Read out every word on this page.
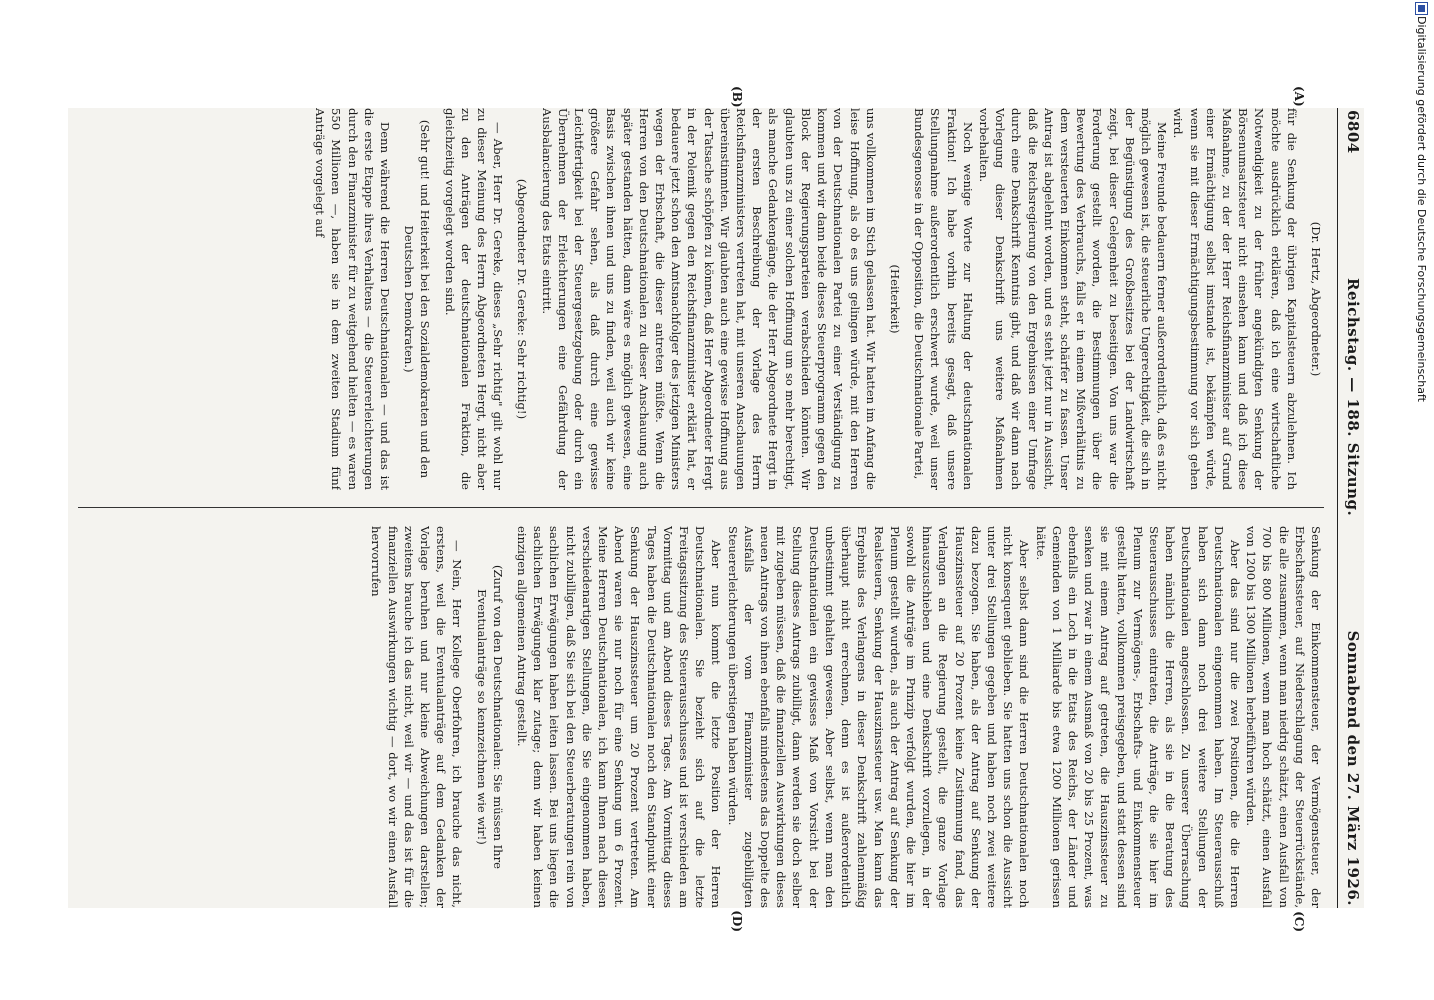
6804
Reichstag. — 188. Sitzung.
Sonnabend den 27. März 1926.
(A)
(B)
(C)
(D)

(Dr. Hertz, Abgeordneter.)

für die Senkung der übrigen Kapitalsteuern abzulehnen. Ich möchte ausdrücklich erklären, daß ich eine wirtschaftliche Notwendigkeit zu der früher angekündigten Senkung der Börsenumsatzsteuer nicht einsehen kann und daß ich diese Maßnahme, zu der der Herr Reichsfinanzminister auf Grund einer Ermächtigung selbst imstande ist, bekämpfen würde, wenn sie mit dieser Ermächtigungsbestimmung vor sich gehen wird.

Meine Freunde bedauern ferner außerordentlich, daß es nicht möglich gewesen ist, die steuerliche Ungerechtigkeit, die sich in der Begünstigung des Großbesitzes bei der Landwirtschaft zeigt, bei dieser Gelegenheit zu beseitigen. Von uns war die Forderung gestellt worden, die Bestimmungen über die Bewertung des Verbrauchs, falls er in einem Mißverhältnis zu dem versteuerten Einkommen steht, schärfer zu fassen. Unser Antrag ist abgelehnt worden, und es steht jetzt nur in Aussicht, daß die Reichsregierung von den Ergebnissen einer Umfrage durch eine Denkschrift Kenntnis gibt, und daß wir dann nach Vorlegung dieser Denkschrift uns weitere Maßnahmen vorbehalten.

Noch wenige Worte zur Haltung der deutschnationalen Fraktion! Ich habe vorhin bereits gesagt, daß unsere Stellungnahme außerordentlich erschwert wurde, weil unser Bundesgenosse in der Opposition, die Deutschnationale Partei,

(Heiterkeit)

uns vollkommen im Stich gelassen hat. Wir hatten im Anfang die leise Hoffnung, als ob es uns gelingen würde, mit den Herren von der Deutschnationalen Partei zu einer Verständigung zu kommen und wir dann beide dieses Steuerprogramm gegen den Block der Regierungsparteien verabschieden könnten. Wir glaubten uns zu einer solchen Hoffnung um so mehr berechtigt, als manche Gedankengänge, die der Herr Abgeordnete Hergt in der ersten Beschreibung der Vorlage des Herrn Reichsfinanzministers vertreten hat, mit unseren Anschauungen übereinstimmten. Wir glaubten auch eine gewisse Hoffnung aus der Tatsache schöpfen zu können, daß Herr Abgeordneter Hergt in der Polemik gegen den Reichsfinanzminister erklärt hat, er bedauere jetzt schon den Amtsnachfolger des jetzigen Ministers wegen der Erbschaft, die dieser antreten müßte. Wenn die Herren von den Deutschnationalen zu dieser Anschauung auch später gestanden hätten, dann wäre es möglich gewesen, eine Basis zwischen ihnen und uns zu finden, weil auch wir keine größere Gefahr sehen, als daß durch eine gewisse Leichtfertigkeit bei der Steuergesetzgebung oder durch ein Übernehmen der Erleichterungen eine Gefährdung der Ausbalancierung des Etats eintritt.

(Abgeordneter Dr. Gereke: Sehr richtig!)

— Aber, Herr Dr. Gereke, dieses „Sehr richtig" gilt wohl nur zu dieser Meinung des Herrn Abgeordneten Hergt, nicht aber zu den Anträgen der deutschnationalen Fraktion, die gleichzeitig vorgelegt worden sind.

(Sehr gut! und Heiterkeit bei den Sozialdemokraten und den Deutschen Demokraten.)

Denn während die Herren Deutschnationalen — und das ist die erste Etappe ihres Verhaltens — die Steuererleichterungen durch den Finanzminister für zu weitgehend hielten — es waren 550 Millionen —, haben sie in dem zweiten Stadium fünf Anträge vorgelegt auf

Senkung der Einkommensteuer, der Vermögensteuer, der Erbschaftssteuer, auf Niederschlagung der Steuerrückstände, die alle zusammen, wenn man niedrig schätzt, einen Ausfall von 700 bis 800 Millionen, wenn man hoch schätzt, einen Ausfall von 1200 bis 1300 Millionen herbeiführen würden.

Aber das sind nur die zwei Positionen, die die Herren Deutschnationalen eingenommen haben. Im Steuerausschuß haben sich dann noch drei weitere Stellungen der Deutschnationalen angeschlossen. Zu unserer Überraschung haben nämlich die Herren, als sie in die Beratung des Steuerausschusses eintraten, die Anträge, die sie hier im Plenum zur Vermögens-, Erbschafts- und Einkommensteuer gestellt hatten, vollkommen preisgegeben, und statt dessen sind sie mit einem Antrag auf getreten, die Hauszinssteuer zu senken und zwar in einem Ausmaß von 20 bis 25 Prozent, was ebenfalls ein Loch in die Etats des Reichs, der Länder und Gemeinden von 1 Milliarde bis etwa 1200 Millionen gerissen hätte.

Aber selbst dann sind die Herren Deutschnationalen noch nicht konsequent geblieben. Sie hatten uns schon die Aussicht unter drei Stellungen gegeben und haben noch zwei weitere dazu bezogen. Sie haben, als der Antrag auf Senkung der Hauszinssteuer auf 20 Prozent keine Zustimmung fand, das Verlangen an die Regierung gestellt, die ganze Vorlage hinauszuschieben und eine Denkschrift vorzulegen, in der sowohl die Anträge im Prinzip verfolgt wurden, die hier im Plenum gestellt wurden, als auch der Antrag auf Senkung der Realsteuern, Senkung der Hauszinssteuer usw. Man kann das Ergebnis des Verlangens in dieser Denkschrift zahlenmäßig überhaupt nicht errechnen, denn es ist außerordentlich unbestimmt gehalten gewesen. Aber selbst, wenn man den Deutschnationalen ein gewisses Maß von Vorsicht bei der Stellung dieses Antrags zubilligt, dann werden sie doch selber mit zugeben müssen, daß die finanziellen Auswirkungen dieses neuen Antrags von ihnen ebenfalls mindestens das Doppelte des Ausfalls der vom Finanzminister zugebilligten Steuererleichterungen überstiegen haben würden.

Aber nun kommt die letzte Position der Herren Deutschnationalen. Sie bezieht sich auf die letzte Freitagssitzung des Steuerausschusses und ist verschieden am Vormittag und am Abend dieses Tages. Am Vormittag dieses Tages haben die Deutschnationalen noch den Standpunkt einer Senkung der Hauszinssteuer um 20 Prozent vertreten. Am Abend waren sie nur noch für eine Senkung um 6 Prozent. Meine Herren Deutschnationalen, ich kann Ihnen nach diesen verschiedenartigen Stellungen, die Sie eingenommen haben, nicht zubilligen, daß Sie sich bei den Steuerberatungen rein von sachlichen Erwägungen haben leiten lassen. Bei uns liegen die sachlichen Erwägungen klar zutage; denn wir haben keinen einzigen allgemeinen Antrag gestellt.

(Zuruf von den Deutschnationalen: Sie müssen Ihre Eventualanträge so kennzeichnen wie wir!)

— Nein, Herr Kollege Oberfohren, ich brauche das nicht, erstens, weil die Eventualanträge auf dem Gedanken der Vorlage beruhen und nur kleine Abweichungen darstellen; zweitens brauche ich das nicht, weil wir — und das ist für die finanziellen Auswirkungen wichtig — dort, wo wir einen Ausfall hervorrufen

Digitalisierung gefördert durch die Deutsche Forschungsgemeinschaft
